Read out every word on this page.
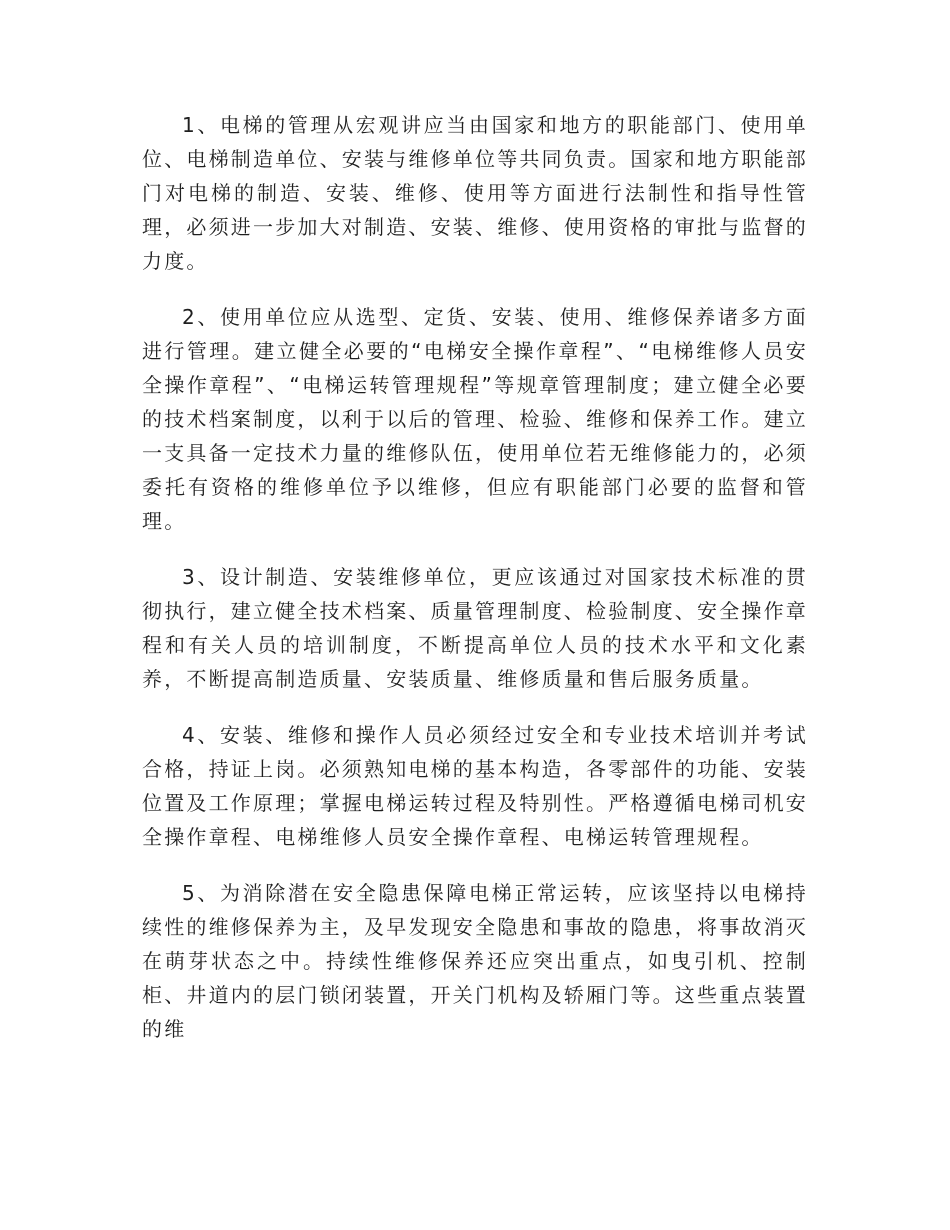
1、电梯的管理从宏观讲应当由国家和地方的职能部门、使用单位、电梯制造单位、安装与维修单位等共同负责。国家和地方职能部门对电梯的制造、安装、维修、使用等方面进行法制性和指导性管理，必须进一步加大对制造、安装、维修、使用资格的审批与监督的力度。

2、使用单位应从选型、定货、安装、使用、维修保养诸多方面进行管理。建立健全必要的“电梯安全操作章程”、“电梯维修人员安全操作章程”、“电梯运转管理规程”等规章管理制度；建立健全必要的技术档案制度，以利于以后的管理、检验、维修和保养工作。建立一支具备一定技术力量的维修队伍，使用单位若无维修能力的，必须委托有资格的维修单位予以维修，但应有职能部门必要的监督和管理。

3、设计制造、安装维修单位，更应该通过对国家技术标准的贯彻执行，建立健全技术档案、质量管理制度、检验制度、安全操作章程和有关人员的培训制度，不断提高单位人员的技术水平和文化素养，不断提高制造质量、安装质量、维修质量和售后服务质量。

4、安装、维修和操作人员必须经过安全和专业技术培训并考试合格，持证上岗。必须熟知电梯的基本构造，各零部件的功能、安装位置及工作原理；掌握电梯运转过程及特别性。严格遵循电梯司机安全操作章程、电梯维修人员安全操作章程、电梯运转管理规程。

5、为消除潜在安全隐患保障电梯正常运转，应该坚持以电梯持续性的维修保养为主，及早发现安全隐患和事故的隐患，将事故消灭在萌芽状态之中。持续性维修保养还应突出重点，如曳引机、控制柜、井道内的层门锁闭装置，开关门机构及轿厢门等。这些重点装置的维
